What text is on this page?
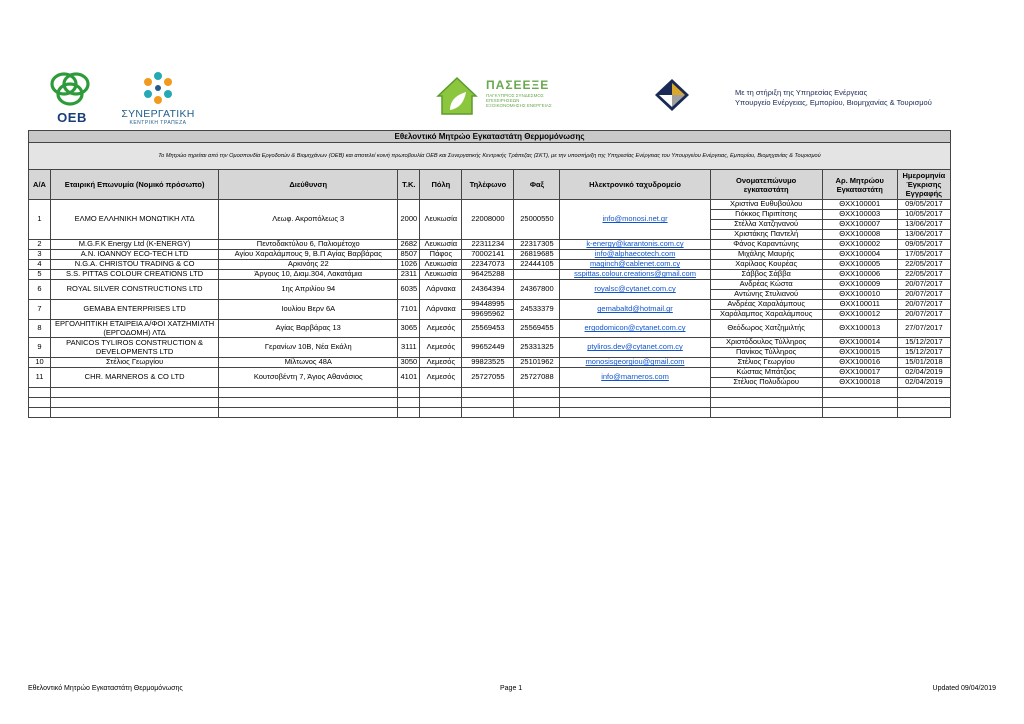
OEB	ΣΥΝΕΡΓΑΤΙΚΗ
ΚΕΝΤΡΙΚΗ ΤΡΑΠΕΖΑ
ΠΑΣΕΕΞΕ
ΠΑΓΚΥΠΡΙΟΣ ΣΥΝΔΕΣΜΟΣ ΕΠΙΧΕΙΡΗΣΕΩΝ ΕΞΟΙΚΟΝΟΜΗΣΗΣ ΕΝΕΡΓΕΙΑΣ
Με τη στήριξη της Υπηρεσίας Ενέργειας
Υπουργείο Ενέργειας, Εμπορίου, Βιομηχανίας & Τουρισμού
Εθελοντικό Μητρώο Εγκαταστάτη Θερμομόνωσης										
Το Μητρώο τηρείται από την Ομοσπονδία Εργοδοτών & Βιομηχάνων (ΟΕΒ) και αποτελεί κοινή πρωτοβουλία ΟΕΒ και Συνεργατικής Κεντρικής Τράπεζας (ΣΚΤ), με την υποστήριξη της Υπηρεσίας Ενέργειας του Υπουργείου Ενέργειας, Εμπορίου, Βιομηχανίας & Τουρισμού										
Α/Α	Εταιρική Επωνυμία (Νομικό πρόσωπο)	Διεύθυνση	Τ.Κ.	Πόλη	Τηλέφωνο	Φαξ	Ηλεκτρονικό ταχυδρομείο	Ονοματεπώνυμο εγκαταστάτη	Αρ. Μητρώου Εγκαταστάτη	Ημερομηνία Έγκρισης Εγγραφής
1	ΕΛΜΟ ΕΛΛΗΝΙΚΗ ΜΟΝΩΤΙΚΗ ΛΤΔ	Λεωφ. Ακροπόλεως 3	2000	Λευκωσία	22008000	25000550	info@monosi.net.gr	Χριστίνα Ευθυβούλου	ΘΧΧ100001	09/05/2017
								Γιόκκος Πιριπίτσης	ΘΧΧ100003	10/05/2017
								Στέλλα Χατζηνανού	ΘΧΧ100007	13/06/2017
								Χριστάκης Παντελή	ΘΧΧ100008	13/06/2017
2	M.G.F.K Energy Ltd (K-ENERGY)	Πεντοδακτύλου 6, Παλιομέτοχο	2682	Λευκωσία	22311234	22317305	k-energy@karantonis.com.cy	Φάνος Καραντώνης	ΘΧΧ100002	09/05/2017
3	A.N. ΙΟΑΝΝΟΥ ECO-TECH LTD	Αγίου Χαραλάμπους 9, Β.Π Αγίας Βαρβάρας	8507	Πάφος	70002141	26819685	info@alphaecotech.com	Μιχάλης Μαυρής	ΘΧΧ100004	17/05/2017
4	N.G.A. CHRISTOU TRADING & CO	Αρκινόης 22	1026	Λευκωσία	22347073	22444105	maginch@cablenet.com.cy	Χαρίλαος Κουρέας	ΘΧΧ100005	22/05/2017
5	S.S. PITTAS COLOUR CREATIONS LTD	Άργους 10, Διαμ.304, Λακατάμια	2311	Λευκωσία	96425288		sspittas.colour.creations@gmail.com	Σάββος Σάββα	ΘΧΧ100006	22/05/2017
6	ROYAL SILVER CONSTRUCTIONS LTD	1ης Απριλίου 94	6035	Λάρνακα	24364394	24367800	royalsc@cytanet.com.cy	Ανδρέας Κώστα	ΘΧΧ100009	20/07/2017
								Αντώνης Στυλιανού	ΘΧΧ100010	20/07/2017
7	GEMABA ENTERPRISES LTD	Ιουλίου Βερν 6Α	7101	Λάρνακα	99448995	24533379	gemabaltd@hotmail.gr	Ανδρέας Χαραλάμπους	ΘΧΧ100011	20/07/2017
					99695962			Χαράλαμπος Χαραλάμπους	ΘΧΧ100012	20/07/2017
8	ΕΡΓΟΛΗΠΤΙΚΗ ΕΤΑΙΡΕΙΑ Α/ΦΟΙ ΧΑΤΖΗΜΙΛΤΗ (ΕΡΓΟΔΟΜΗ) ΛΤΔ	Αγίας Βαρβάρας 13	3065	Λεμεσός	25569453	25569455	ergodomicon@cytanet.com.cy	Θεόδωρος Χατζημιλτής	ΘΧΧ100013	27/07/2017
9	PANICOS TYLIROS CONSTRUCTION & DEVELOPMENTS LTD	Γερανίων 10Β, Νέα Εκάλη	3111	Λεμεσός	99652449	25331325	ptyliros.dev@cytanet.com.cy	Χριστόδουλος Τύλληρος	ΘΧΧ100014	15/12/2017
								Πανίκος Τύλληρος	ΘΧΧ100015	15/12/2017
10	Στέλιος Γεωργίου	Μίλτωνος 48Α	3050	Λεμεσός	99823525	25101962	monosisgeorgiou@gmail.com	Στέλιος Γεωργίου	ΘΧΧ100016	15/01/2018
11	CHR. MARNEROS & CO LTD	Κουτσοβέντη 7, Άγιος Αθανάσιος	4101	Λεμεσός	25727055	25727088	info@marneros.com	Κώστας Μπάτζιος	ΘΧΧ100017	02/04/2019
								Στέλιος Πολυδώρου	ΘΧΧ100018	02/04/2019

Εθελοντικό Μητρώο Εγκαταστάτη Θερμομόνωσης	Page 1	Updated 09/04/2019
